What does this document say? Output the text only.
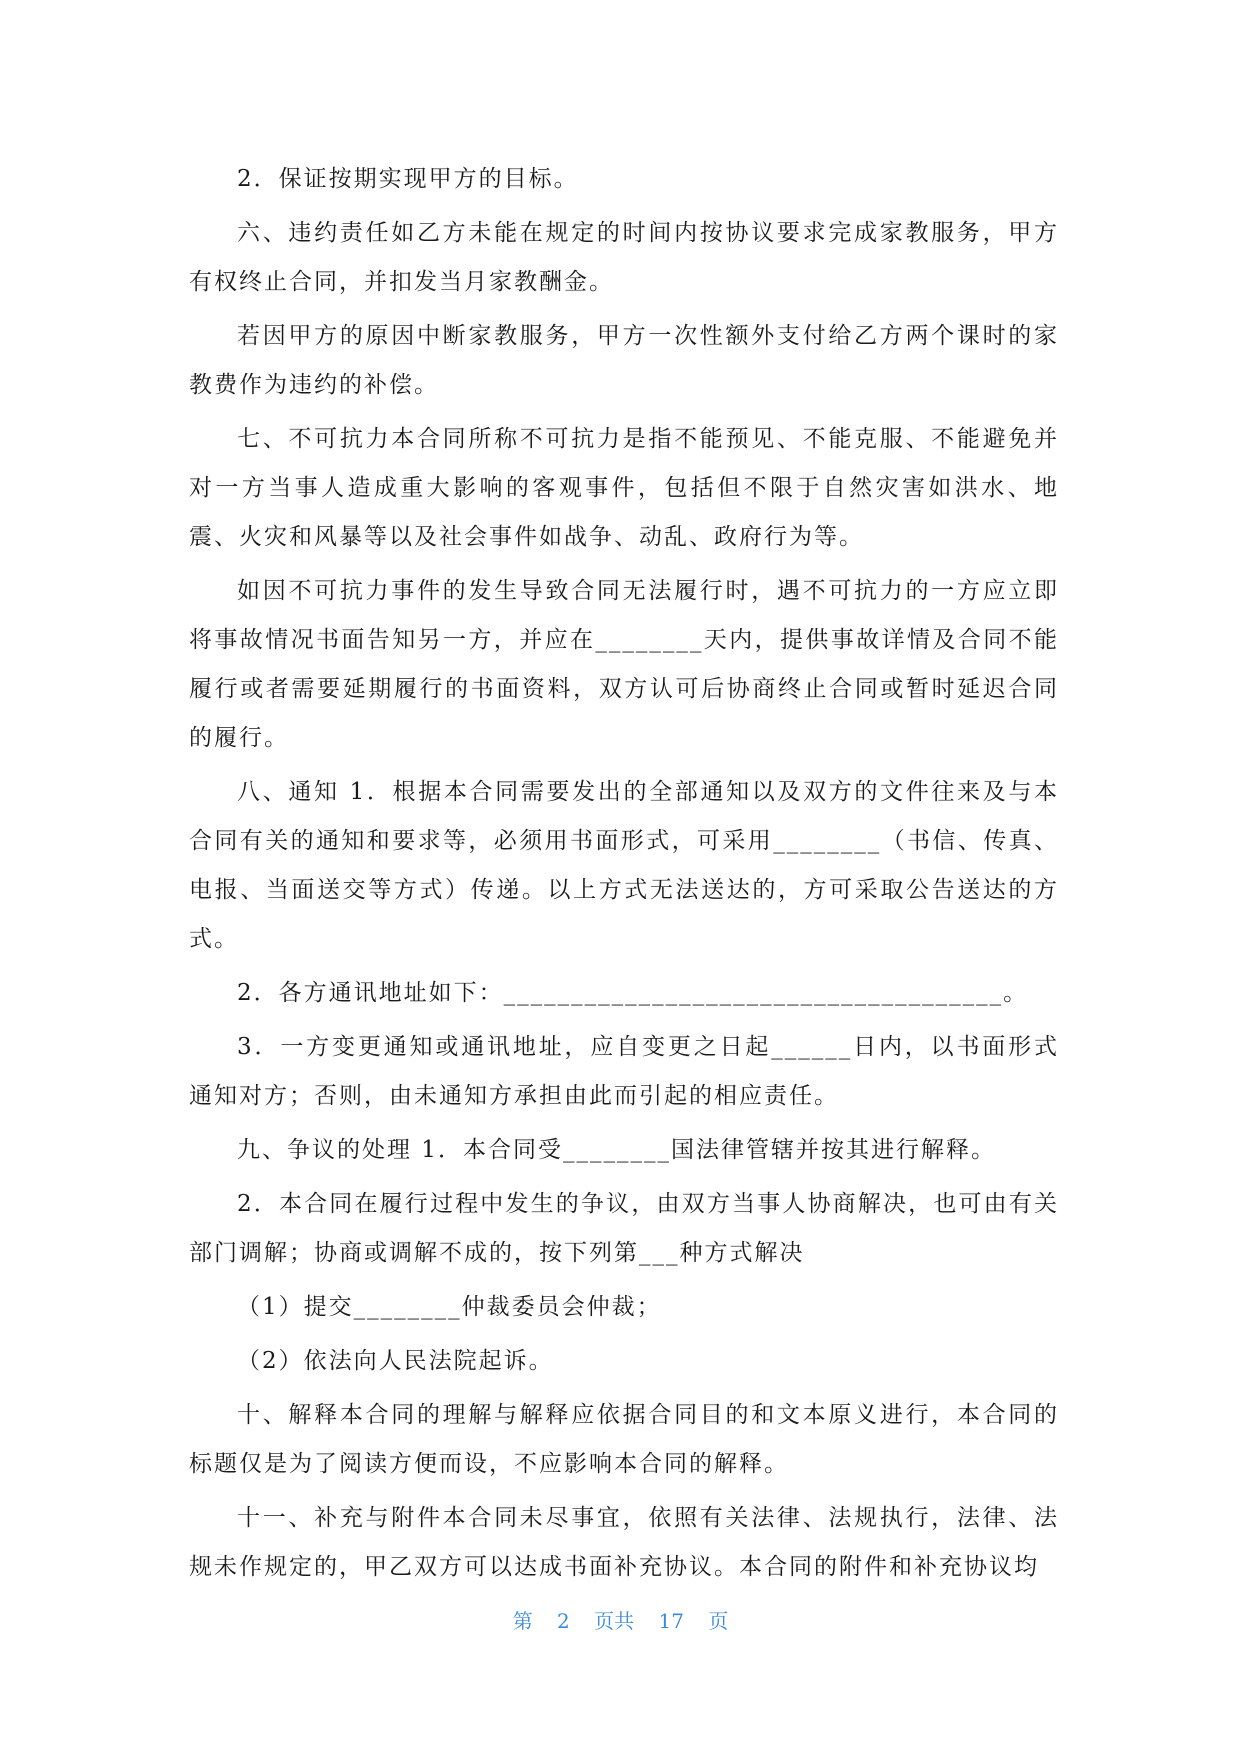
2．保证按期实现甲方的目标。

六、违约责任如乙方未能在规定的时间内按协议要求完成家教服务，甲方有权终止合同，并扣发当月家教酬金。

若因甲方的原因中断家教服务，甲方一次性额外支付给乙方两个课时的家教费作为违约的补偿。

七、不可抗力本合同所称不可抗力是指不能预见、不能克服、不能避免并对一方当事人造成重大影响的客观事件，包括但不限于自然灾害如洪水、地震、火灾和风暴等以及社会事件如战争、动乱、政府行为等。

如因不可抗力事件的发生导致合同无法履行时，遇不可抗力的一方应立即将事故情况书面告知另一方，并应在________天内，提供事故详情及合同不能履行或者需要延期履行的书面资料，双方认可后协商终止合同或暂时延迟合同的履行。

八、通知 1．根据本合同需要发出的全部通知以及双方的文件往来及与本合同有关的通知和要求等，必须用书面形式，可采用________（书信、传真、电报、当面送交等方式）传递。以上方式无法送达的，方可采取公告送达的方式。

2．各方通讯地址如下：_____________________________________。

3．一方变更通知或通讯地址，应自变更之日起______日内，以书面形式通知对方；否则，由未通知方承担由此而引起的相应责任。

九、争议的处理 1．本合同受________国法律管辖并按其进行解释。

2．本合同在履行过程中发生的争议，由双方当事人协商解决，也可由有关部门调解；协商或调解不成的，按下列第___种方式解决

（1）提交________仲裁委员会仲裁；

（2）依法向人民法院起诉。

十、解释本合同的理解与解释应依据合同目的和文本原义进行，本合同的标题仅是为了阅读方便而设，不应影响本合同的解释。

十一、补充与附件本合同未尽事宜，依照有关法律、法规执行，法律、法规未作规定的，甲乙双方可以达成书面补充协议。本合同的附件和补充协议均

第 2 页共 17 页
